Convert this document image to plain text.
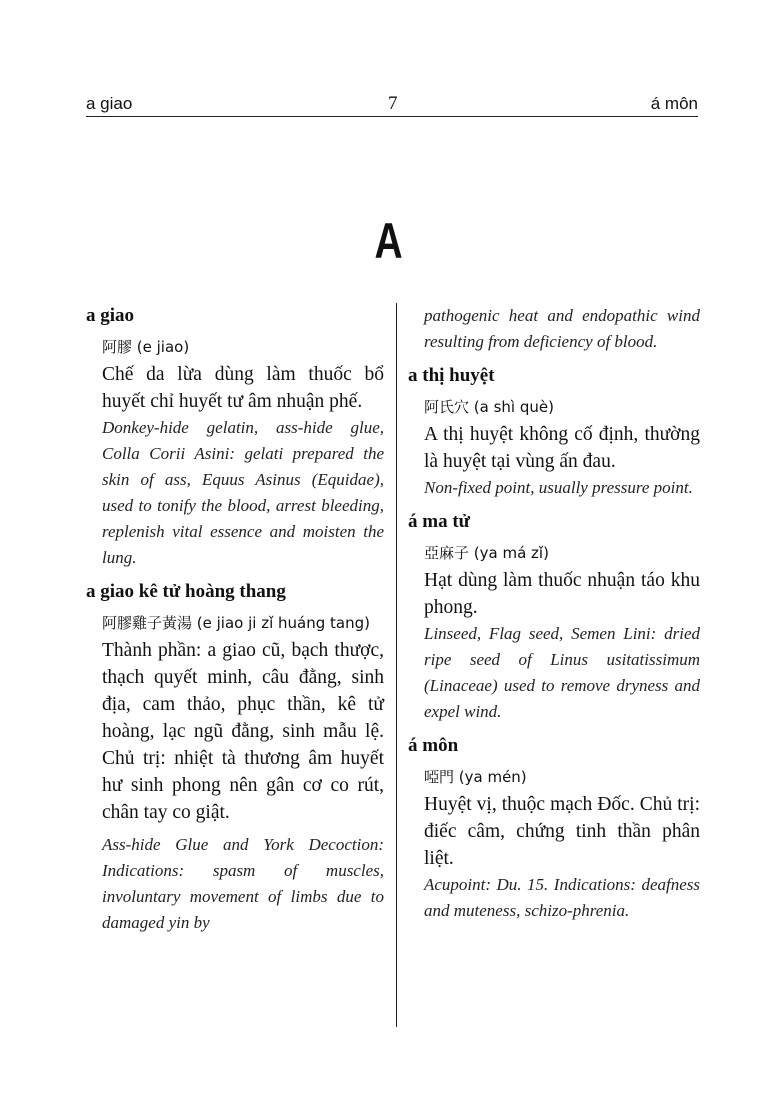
a giao	7	á môn
A
a giao
阿膠 (e jiao)
Chế da lừa dùng làm thuốc bổ huyết chỉ huyết tư âm nhuận phế.
Donkey-hide gelatin, ass-hide glue, Colla Corii Asini: gelati prepared the skin of ass, Equus Asinus (Equidae), used to tonify the blood, arrest bleeding, replenish vital essence and moisten the lung.
a giao kê tử hoàng thang
阿膠雞子黃湯 (e jiao ji zǐ huáng tang)
Thành phần: a giao cũ, bạch thược, thạch quyết minh, câu đằng, sinh địa, cam thảo, phục thần, kê tử hoàng, lạc ngũ đằng, sinh mẫu lệ. Chủ trị: nhiệt tà thương âm huyết hư sinh phong nên gân cơ co rút, chân tay co giật.
Ass-hide Glue and York Decoction: Indications: spasm of muscles, involuntary movement of limbs due to damaged yin by
pathogenic heat and endopathic wind resulting from deficiency of blood.
a thị huyệt
阿氏穴 (a shì què)
A thị huyệt không cố định, thường là huyệt tại vùng ấn đau.
Non-fixed point, usually pressure point.
á ma tử
亞麻子 (ya má zǐ)
Hạt dùng làm thuốc nhuận táo khu phong.
Linseed, Flag seed, Semen Lini: dried ripe seed of Linus usitatissimum (Linaceae) used to remove dryness and expel wind.
á môn
啞門 (ya mén)
Huyệt vị, thuộc mạch Đốc. Chủ trị: điếc câm, chứng tinh thần phân liệt.
Acupoint: Du. 15. Indications: deafness and muteness, schizo-phrenia.
